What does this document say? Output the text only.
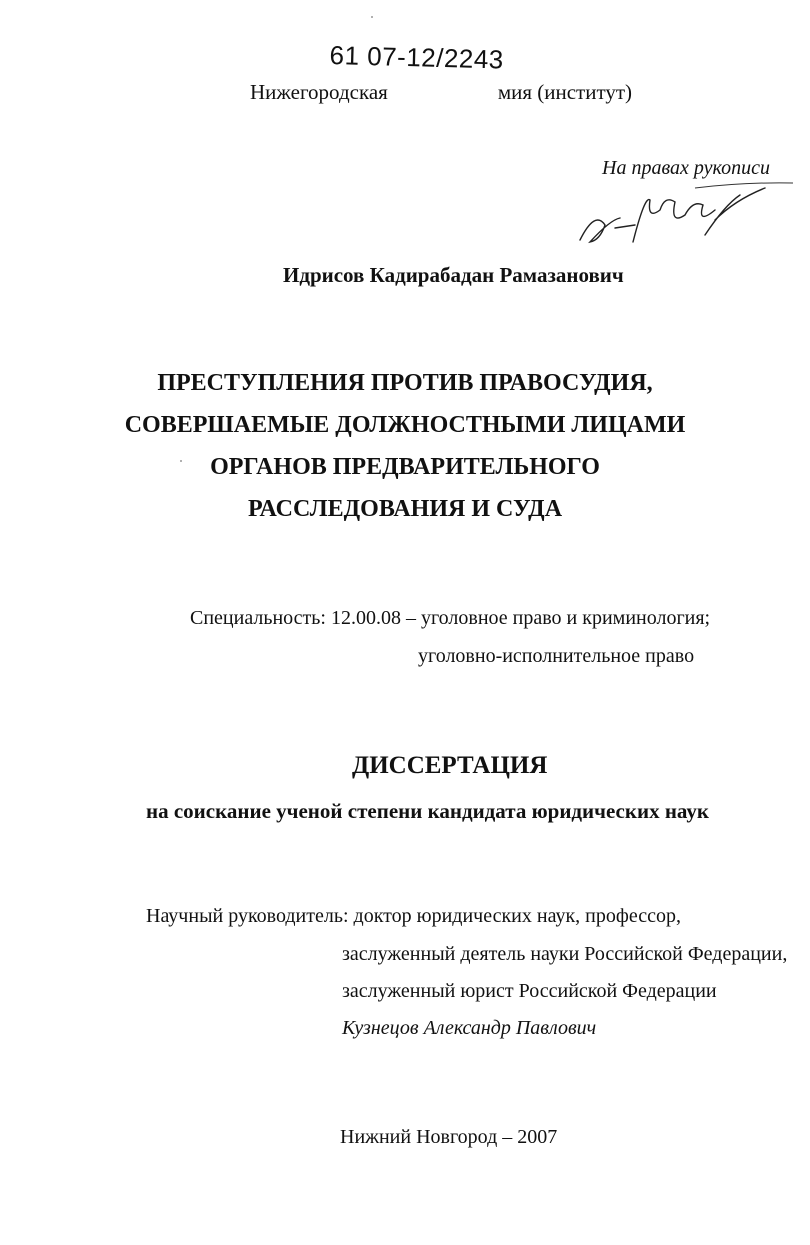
61 07-12/2243
Нижегородская	мия (институт)
На правах рукописи
Идрисов Кадирабадан Рамазанович
ПРЕСТУПЛЕНИЯ ПРОТИВ ПРАВОСУДИЯ,
СОВЕРШАЕМЫЕ ДОЛЖНОСТНЫМИ ЛИЦАМИ
ОРГАНОВ ПРЕДВАРИТЕЛЬНОГО
РАССЛЕДОВАНИЯ И СУДА
Специальность: 12.00.08 – уголовное право и криминология;
уголовно-исполнительное право
ДИССЕРТАЦИЯ
на соискание ученой степени кандидата юридических наук
Научный руководитель: доктор юридических наук, профессор,
заслуженный деятель науки Российской Федерации,
заслуженный юрист Российской Федерации
Кузнецов Александр Павлович
Нижний Новгород – 2007
